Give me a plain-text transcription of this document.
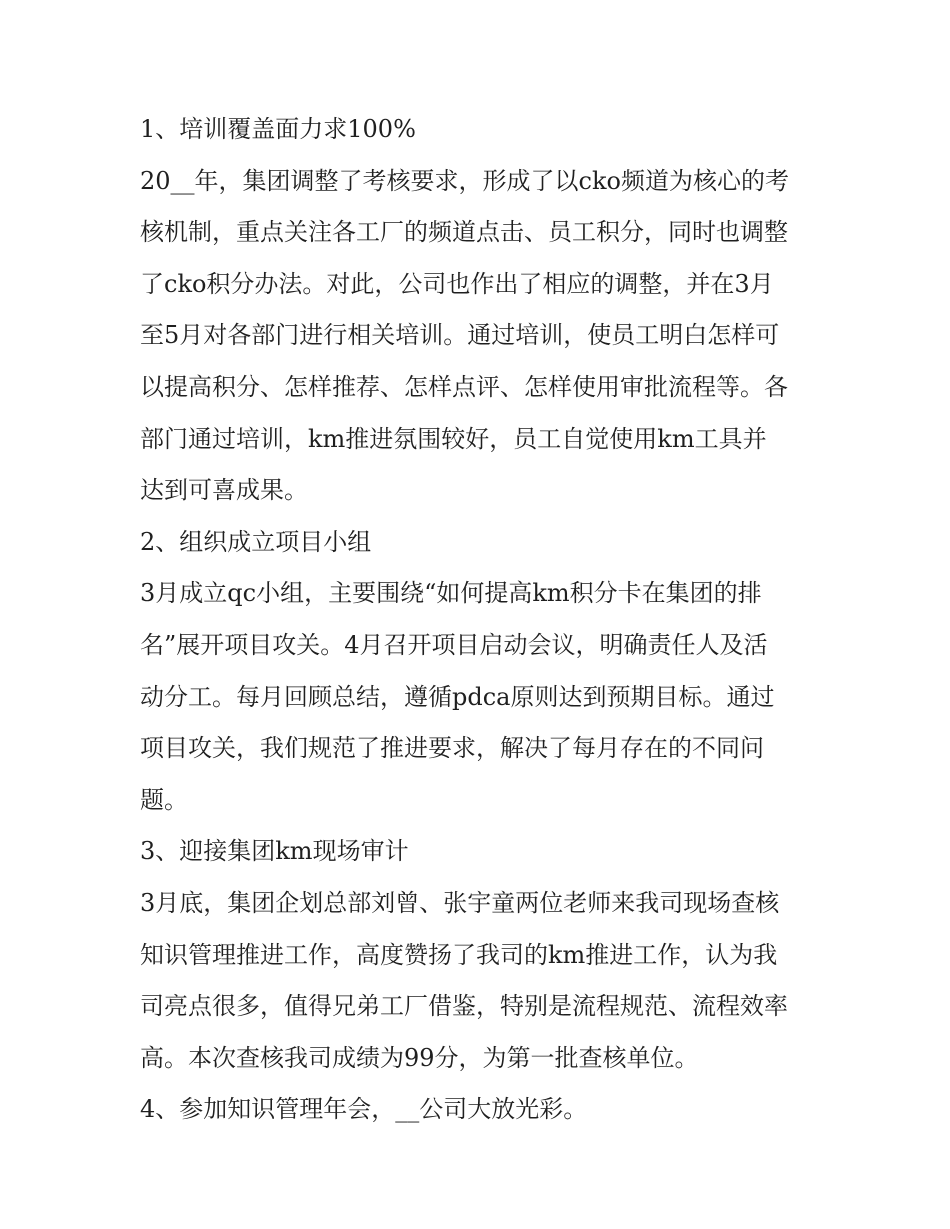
1、培训覆盖面力求100%
20__年，集团调整了考核要求，形成了以cko频道为核心的考
核机制，重点关注各工厂的频道点击、员工积分，同时也调整
了cko积分办法。对此，公司也作出了相应的调整，并在3月
至5月对各部门进行相关培训。通过培训，使员工明白怎样可
以提高积分、怎样推荐、怎样点评、怎样使用审批流程等。各
部门通过培训，km推进氛围较好，员工自觉使用km工具并
达到可喜成果。
2、组织成立项目小组
3月成立qc小组，主要围绕“如何提高km积分卡在集团的排
名”展开项目攻关。4月召开项目启动会议，明确责任人及活
动分工。每月回顾总结，遵循pdca原则达到预期目标。通过
项目攻关，我们规范了推进要求，解决了每月存在的不同问
题。
3、迎接集团km现场审计
3月底，集团企划总部刘曾、张宇童两位老师来我司现场查核
知识管理推进工作，高度赞扬了我司的km推进工作，认为我
司亮点很多，值得兄弟工厂借鉴，特别是流程规范、流程效率
高。本次查核我司成绩为99分，为第一批查核单位。
4、参加知识管理年会，__公司大放光彩。
